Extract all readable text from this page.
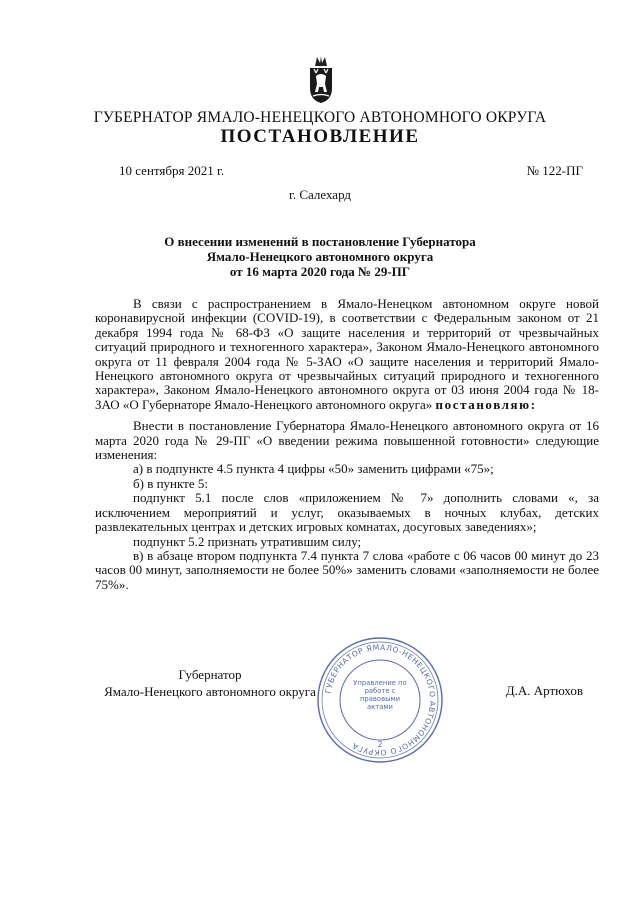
ГУБЕРНАТОР ЯМАЛО-НЕНЕЦКОГО АВТОНОМНОГО ОКРУГА
ПОСТАНОВЛЕНИЕ
10 сентября 2021 г.	№ 122-ПГ
г. Салехард
О внесении изменений в постановление Губернатора
Ямало-Ненецкого автономного округа
от 16 марта 2020 года № 29-ПГ

В связи с распространением в Ямало-Ненецком автономном округе новой коронавирусной инфекции (COVID-19), в соответствии с Федеральным законом от 21 декабря 1994 года № 68-ФЗ «О защите населения и территорий от чрезвычайных ситуаций природного и техногенного характера», Законом Ямало-Ненецкого автономного округа от 11 февраля 2004 года № 5-ЗАО «О защите населения и территорий Ямало-Ненецкого автономного округа от чрезвычайных ситуаций природного и техногенного характера», Законом Ямало-Ненецкого автономного округа от 03 июня 2004 года № 18-ЗАО «О Губернаторе Ямало-Ненецкого автономного округа» постановляю:

Внести в постановление Губернатора Ямало-Ненецкого автономного округа от 16 марта 2020 года № 29-ПГ «О введении режима повышенной готовности» следующие изменения:

а) в подпункте 4.5 пункта 4 цифры «50» заменить цифрами «75»;

б) в пункте 5:

подпункт 5.1 после слов «приложением № 7» дополнить словами «, за исключением мероприятий и услуг, оказываемых в ночных клубах, детских развлекательных центрах и детских игровых комнатах, досуговых заведениях»;

подпункт 5.2 признать утратившим силу;

в) в абзаце втором подпункта 7.4 пункта 7 слова «работе с 06 часов 00 минут до 23 часов 00 минут, заполняемости не более 50%» заменить словами «заполняемости не более 75%».

Губернатор
Ямало-Ненецкого автономного округа	Д.А. Артюхов
ГУБЕРНАТОР ЯМАЛО-НЕНЕЦКОГО АВТОНОМНОГО ОКРУГА
Управление по работе с правовыми актами
2
